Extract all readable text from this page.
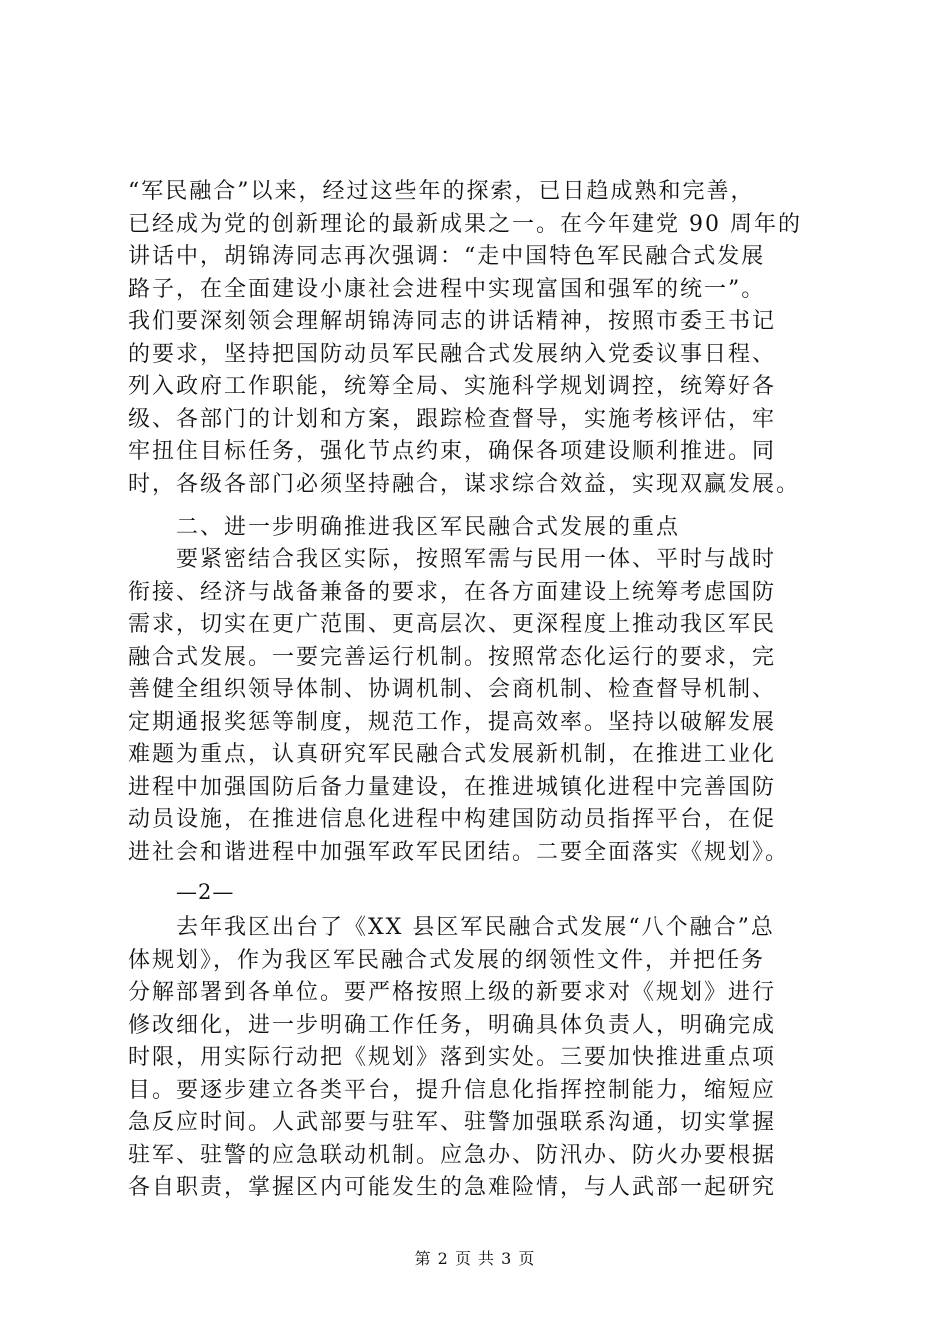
“军民融合”以来，经过这些年的探索，已日趋成熟和完善，
已经成为党的创新理论的最新成果之一。在今年建党 90 周年的
讲话中，胡锦涛同志再次强调：“走中国特色军民融合式发展
路子，在全面建设小康社会进程中实现富国和强军的统一”。
我们要深刻领会理解胡锦涛同志的讲话精神，按照市委王书记
的要求，坚持把国防动员军民融合式发展纳入党委议事日程、
列入政府工作职能，统筹全局、实施科学规划调控，统筹好各
级、各部门的计划和方案，跟踪检查督导，实施考核评估，牢
牢扭住目标任务，强化节点约束，确保各项建设顺利推进。同
时，各级各部门必须坚持融合，谋求综合效益，实现双赢发展。
　　二、进一步明确推进我区军民融合式发展的重点
　　要紧密结合我区实际，按照军需与民用一体、平时与战时
衔接、经济与战备兼备的要求，在各方面建设上统筹考虑国防
需求，切实在更广范围、更高层次、更深程度上推动我区军民
融合式发展。一要完善运行机制。按照常态化运行的要求，完
善健全组织领导体制、协调机制、会商机制、检查督导机制、
定期通报奖惩等制度，规范工作，提高效率。坚持以破解发展
难题为重点，认真研究军民融合式发展新机制，在推进工业化
进程中加强国防后备力量建设，在推进城镇化进程中完善国防
动员设施，在推进信息化进程中构建国防动员指挥平台，在促
进社会和谐进程中加强军政军民团结。二要全面落实《规划》。
—2—
　　去年我区出台了《XX 县区军民融合式发展“八个融合”总
体规划》，作为我区军民融合式发展的纲领性文件，并把任务
分解部署到各单位。要严格按照上级的新要求对《规划》进行
修改细化，进一步明确工作任务，明确具体负责人，明确完成
时限，用实际行动把《规划》落到实处。三要加快推进重点项
目。要逐步建立各类平台，提升信息化指挥控制能力，缩短应
急反应时间。人武部要与驻军、驻警加强联系沟通，切实掌握
驻军、驻警的应急联动机制。应急办、防汛办、防火办要根据
各自职责，掌握区内可能发生的急难险情，与人武部一起研究
第 2 页 共 3 页
